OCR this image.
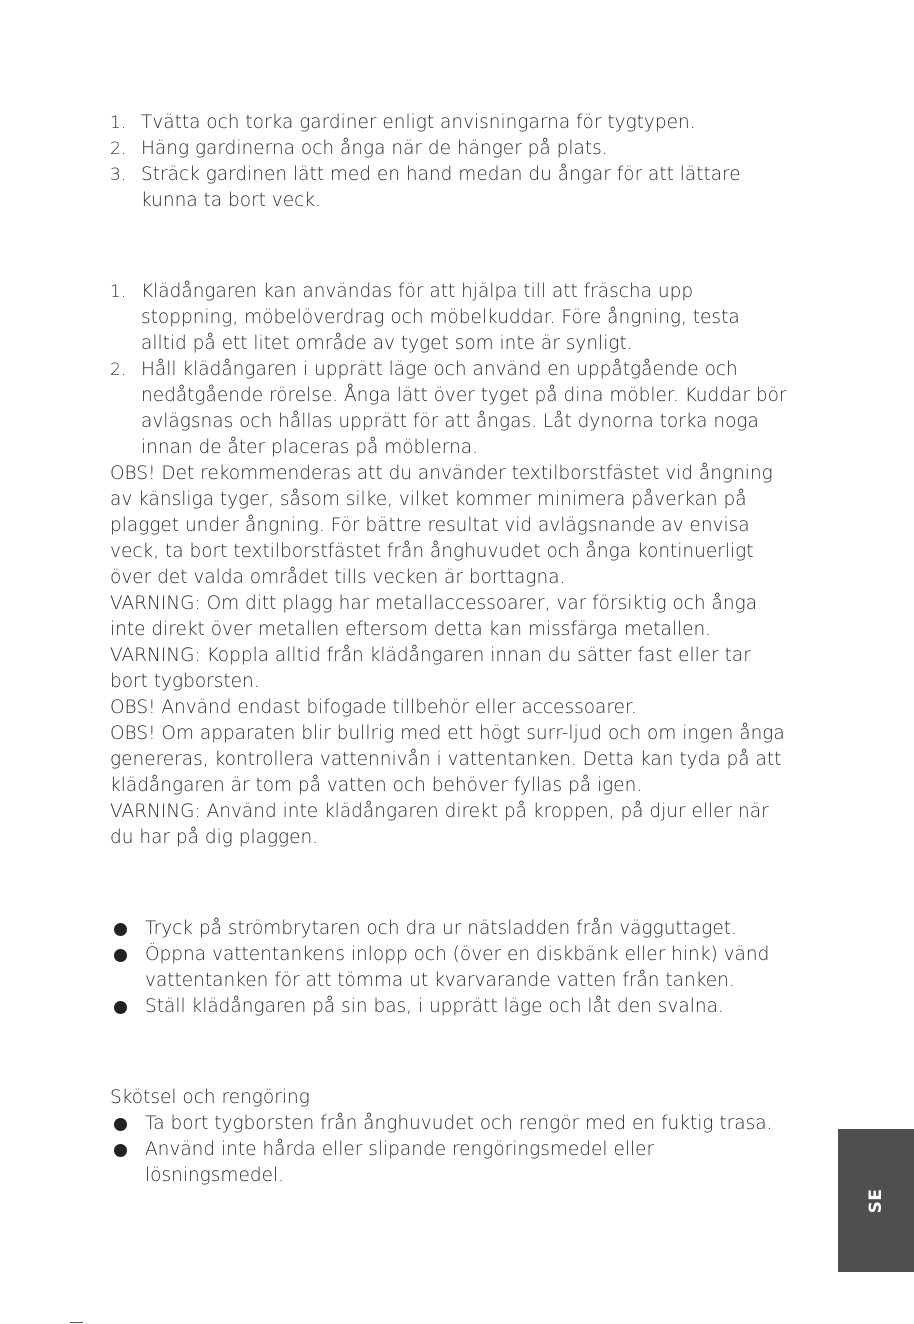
1. Tvätta och torka gardiner enligt anvisningarna för tygtypen.
2. Häng gardinerna och ånga när de hänger på plats.
3. Sträck gardinen lätt med en hand medan du ångar för att lättare kunna ta bort veck.
1. Klädångaren kan användas för att hjälpa till att fräscha upp stoppning, möbelöverdrag och möbelkuddar. Före ångning, testa alltid på ett litet område av tyget som inte är synligt.
2. Håll klädångaren i upprätt läge och använd en uppåtgående och nedåtgående rörelse. Ånga lätt över tyget på dina möbler. Kuddar bör avlägsnas och hållas upprätt för att ångas. Låt dynorna torka noga innan de åter placeras på möblerna.

OBS! Det rekommenderas att du använder textilborstfästet vid ångning av känsliga tyger, såsom silke, vilket kommer minimera påverkan på plagget under ångning. För bättre resultat vid avlägsnande av envisa veck, ta bort textilborstfästet från ånghuvudet och ånga kontinuerligt över det valda området tills vecken är borttagna.

VARNING: Om ditt plagg har metallaccessoarer, var försiktig och ånga inte direkt över metallen eftersom detta kan missfärga metallen.

VARNING: Koppla alltid från klädångaren innan du sätter fast eller tar bort tygborsten.

OBS! Använd endast bifogade tillbehör eller accessoarer.

OBS! Om apparaten blir bullrig med ett högt surr-ljud och om ingen ånga genereras, kontrollera vattennivån i vattentanken. Detta kan tyda på att klädångaren är tom på vatten och behöver fyllas på igen.

VARNING: Använd inte klädångaren direkt på kroppen, på djur eller när du har på dig plaggen.

Tryck på strömbrytaren och dra ur nätsladden från vägguttaget.
Öppna vattentankens inlopp och (över en diskbänk eller hink) vänd vattentanken för att tömma ut kvarvarande vatten från tanken.
Ställ klädångaren på sin bas, i upprätt läge och låt den svalna.
Skötsel och rengöring
Ta bort tygborsten från ånghuvudet och rengör med en fuktig trasa.
Använd inte hårda eller slipande rengöringsmedel eller lösningsmedel.
SE
